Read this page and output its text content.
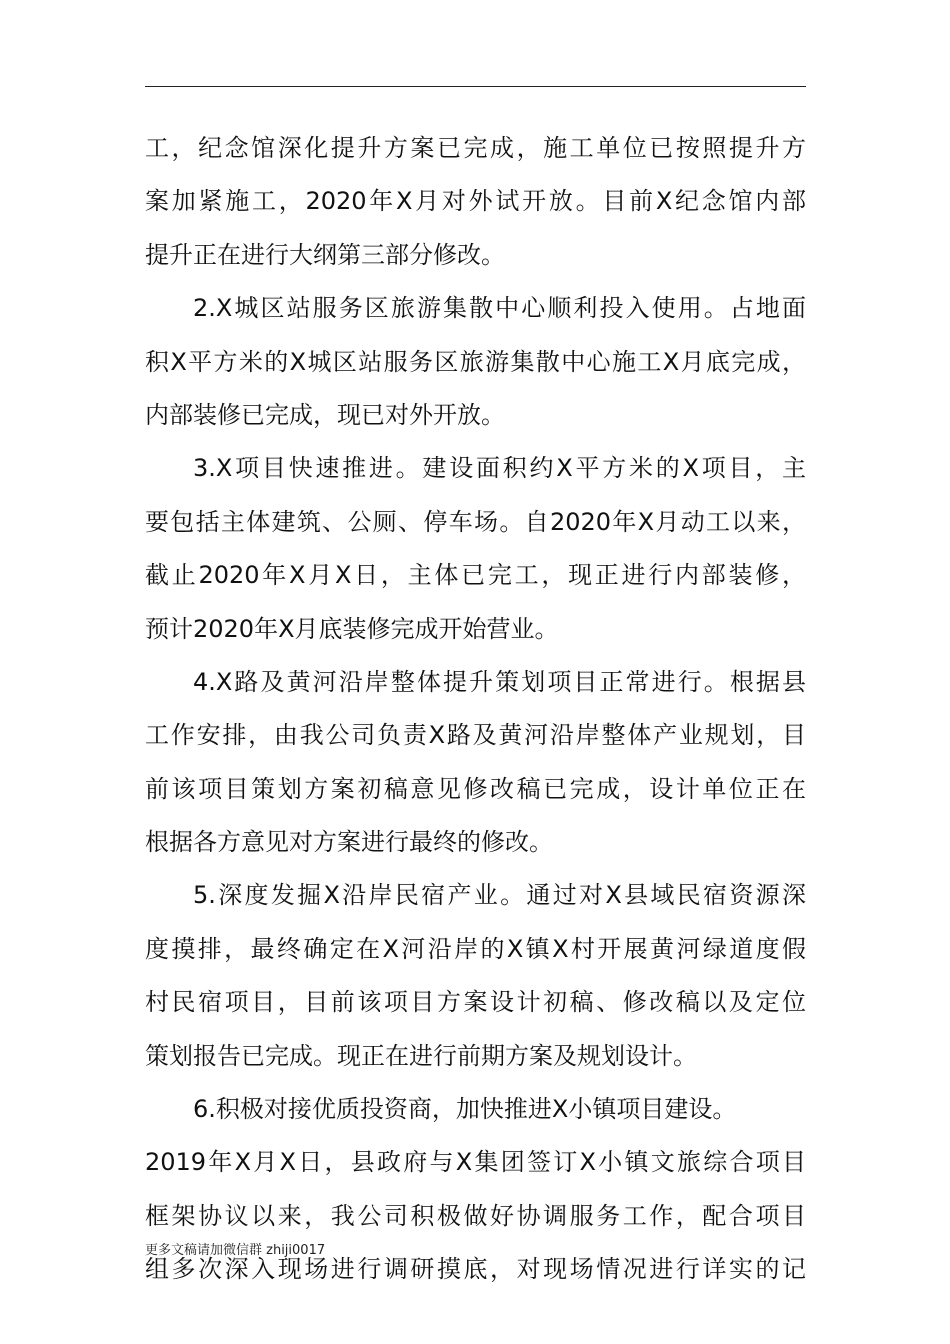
工，纪念馆深化提升方案已完成，施工单位已按照提升方
案加紧施工，2020年X月对外试开放。目前X纪念馆内部
提升正在进行大纲第三部分修改。
2.X城区站服务区旅游集散中心顺利投入使用。占地面
积X平方米的X城区站服务区旅游集散中心施工X月底完成，
内部装修已完成，现已对外开放。
3.X项目快速推进。建设面积约X平方米的X项目，主
要包括主体建筑、公厕、停车场。自2020年X月动工以来，
截止2020年X月X日，主体已完工，现正进行内部装修，
预计2020年X月底装修完成开始营业。
4.X路及黄河沿岸整体提升策划项目正常进行。根据县
工作安排，由我公司负责X路及黄河沿岸整体产业规划，目
前该项目策划方案初稿意见修改稿已完成，设计单位正在
根据各方意见对方案进行最终的修改。
5.深度发掘X沿岸民宿产业。通过对X县域民宿资源深
度摸排，最终确定在X河沿岸的X镇X村开展黄河绿道度假
村民宿项目，目前该项目方案设计初稿、修改稿以及定位
策划报告已完成。现正在进行前期方案及规划设计。
6.积极对接优质投资商，加快推进X小镇项目建设。
2019年X月X日，县政府与X集团签订X小镇文旅综合项目
框架协议以来，我公司积极做好协调服务工作，配合项目
组多次深入现场进行调研摸底，对现场情况进行详实的记
更多文稿请加微信群 zhiji0017
